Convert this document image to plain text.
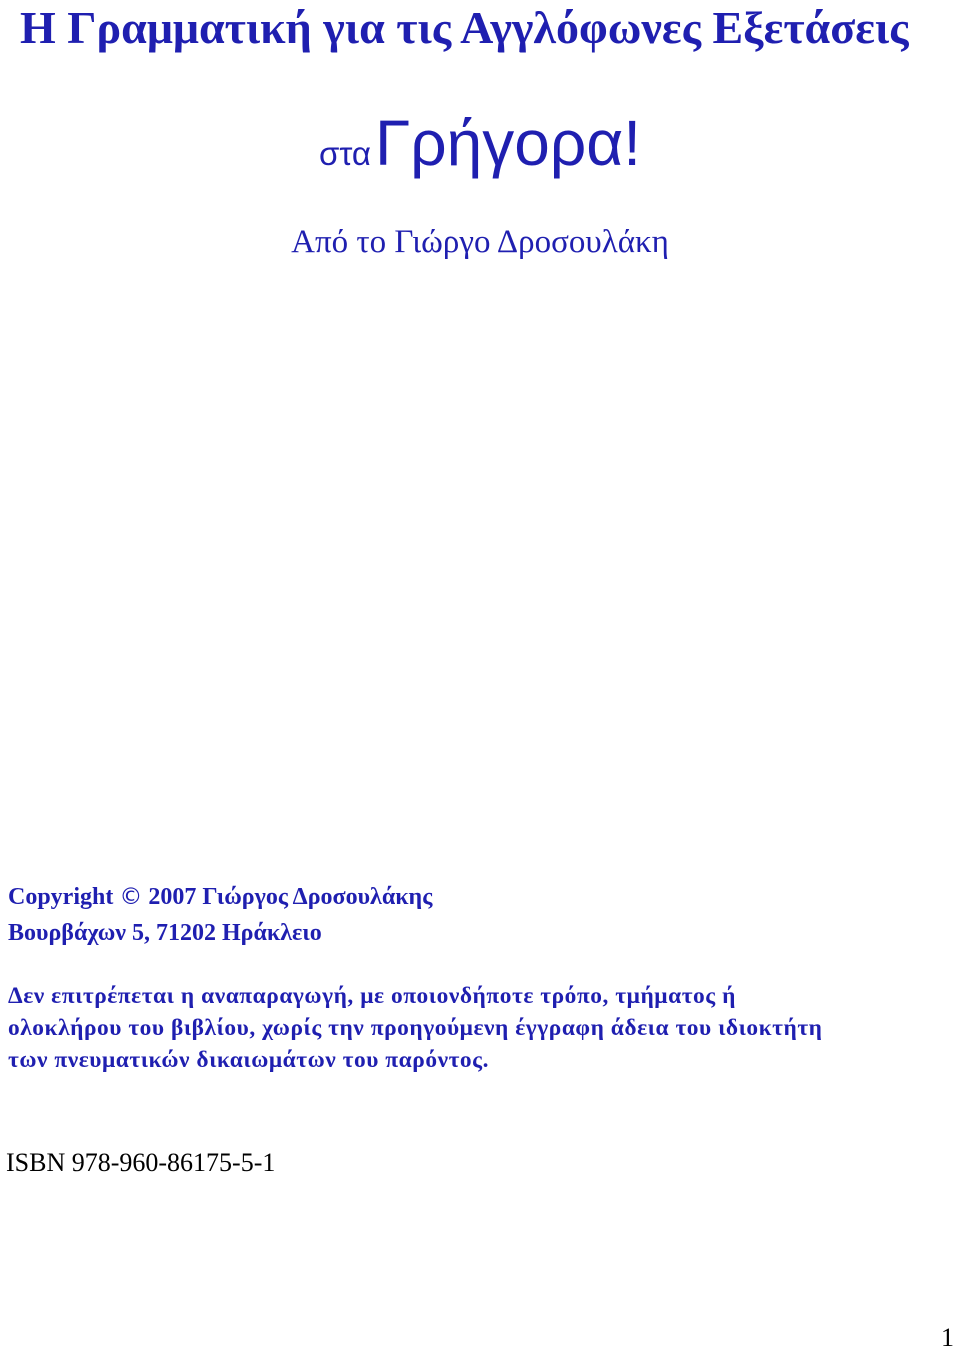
Η Γραμματική για τις Αγγλόφωνες Εξετάσεις
στα Γρήγορα!
Από το Γιώργο Δροσουλάκη
Copyright © 2007 Γιώργος Δροσουλάκης
Βουρβάχων 5, 71202 Ηράκλειο
Δεν επιτρέπεται η αναπαραγωγή, με οποιονδήποτε τρόπο, τμήματος ή
ολοκλήρου του βιβλίου, χωρίς την προηγούμενη έγγραφη άδεια του ιδιοκτήτη
των πνευματικών δικαιωμάτων του παρόντος.
ISBN 978-960-86175-5-1
1
